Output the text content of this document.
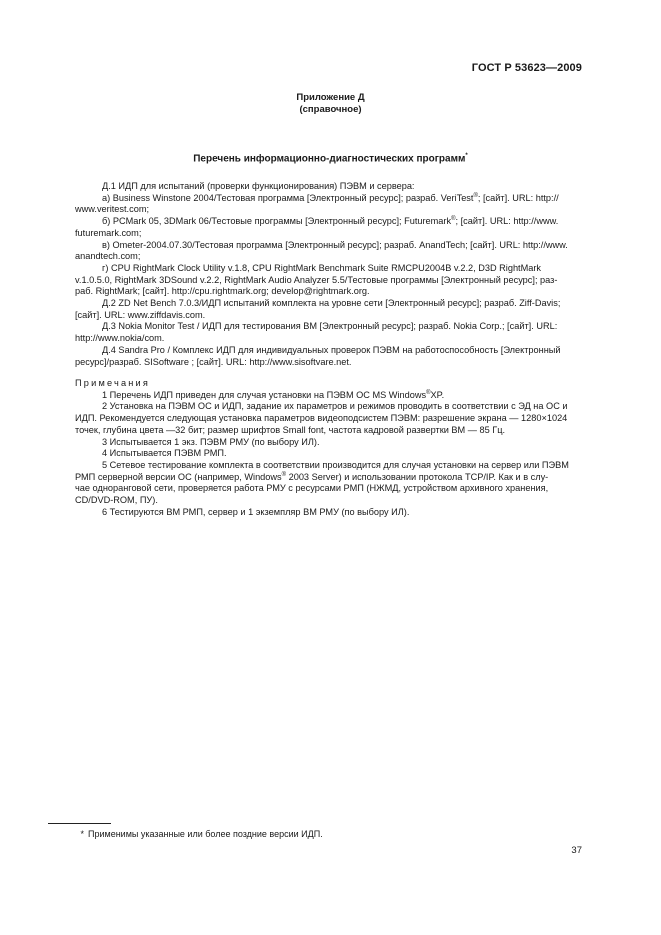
ГОСТ Р 53623—2009
Приложение Д
(справочное)
Перечень информационно-диагностических программ*

Д.1 ИДП для испытаний (проверки функционирования) ПЭВМ и сервера:

а) Business Winstone 2004/Тестовая программа [Электронный ресурс]; разраб. VeriTest®; [сайт]. URL: http://
www.veritest.com;

б) PCMark 05, 3DMark 06/Тестовые программы [Электронный ресурс]; Futuremark®; [сайт]. URL: http://www.
futuremark.com;

в) Ometer-2004.07.30/Тестовая программа [Электронный ресурс]; разраб. AnandTech; [сайт]. URL: http://www.
anandtech.com;

г) CPU RightMark Clock Utility v.1.8, CPU RightMark Benchmark Suite RMCPU2004B v.2.2, D3D RightMark
v.1.0.5.0, RightMark 3DSound v.2.2, RightMark Audio Analyzer 5.5/Тестовые программы [Электронный ресурс]; раз-
раб. RightMark; [сайт]. http://cpu.rightmark.org; develop@rightmark.org.

Д.2 ZD Net Bench 7.0.3/ИДП испытаний комплекта на уровне сети [Электронный ресурс]; разраб. Ziff-Davis;
[сайт]. URL: www.ziffdavis.com.

Д.3 Nokia Monitor Test / ИДП для тестирования ВМ [Электронный ресурс]; разраб. Nokia Corp.; [сайт]. URL:
http://www.nokia/com.

Д.4 Sandra Pro / Комплекс ИДП для индивидуальных проверок ПЭВМ на работоспособность [Электронный
ресурс]/разраб. SISoftware ; [сайт]. URL: http://www.sisoftvare.net.

Примечания

1 Перечень ИДП приведен для случая установки на ПЭВМ ОС MS Windows®XP.

2 Установка на ПЭВМ ОС и ИДП, задание их параметров и режимов проводить в соответствии с ЭД на ОС и
ИДП. Рекомендуется следующая установка параметров видеоподсистем ПЭВМ: разрешение экрана — 1280×1024
точек, глубина цвета —32 бит; размер шрифтов Small font, частота кадровой развертки ВМ — 85 Гц.

3 Испытывается 1 экз. ПЭВМ РМУ (по выбору ИЛ).

4 Испытывается ПЭВМ РМП.

5 Сетевое тестирование комплекта в соответствии производится для случая установки на сервер или ПЭВМ
РМП серверной версии ОС (например, Windows® 2003 Server) и использовании протокола TCP/IP. Как и в слу-
чае одноранговой сети, проверяется работа РМУ с ресурсами РМП (НЖМД, устройством архивного хранения,
CD/DVD-ROM, ПУ).

6 Тестируются ВМ РМП, сервер и 1 экземпляр ВМ РМУ (по выбору ИЛ).

* Применимы указанные или более поздние версии ИДП.
37
